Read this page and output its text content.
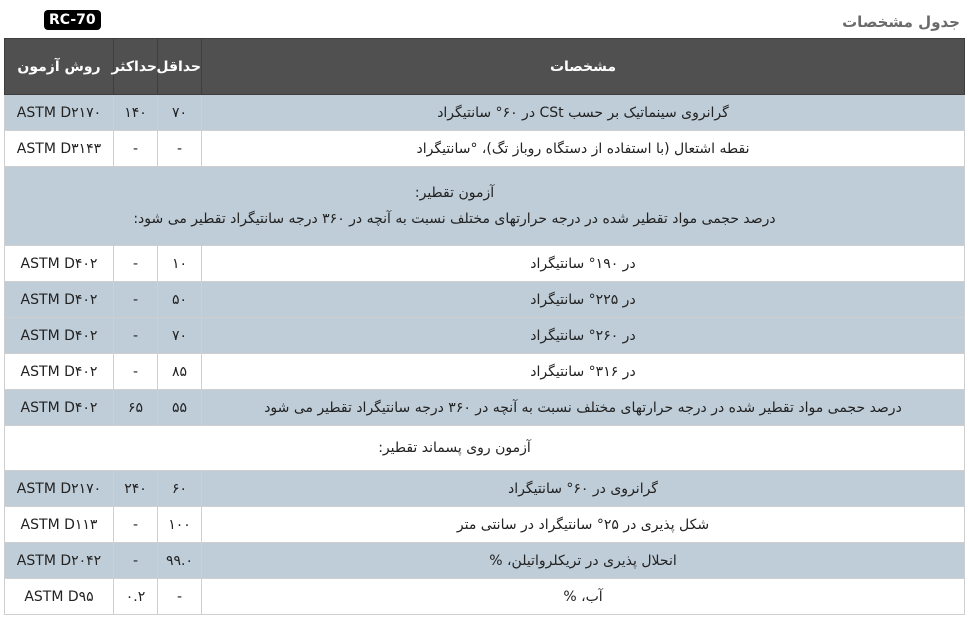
RC-70	جدول مشخصات
مشخصات	حداقل	حداکثر	روش آزمون
گرانروی سینماتیک بر حسب CSt در ۶۰° سانتیگراد	۷۰	۱۴۰	ASTM D۲۱۷۰
نقطه اشتعال (با استفاده از دستگاه روباز تگ)، °سانتیگراد	-	-	ASTM D۳۱۴۳

آزمون تقطیر:
درصد حجمی مواد تقطیر شده در درجه حرارتهای مختلف نسبت به آنچه در ۳۶۰ درجه سانتیگراد تقطیر می شود:			

در ۱۹۰° سانتیگراد	۱۰	-	ASTM D۴۰۲
در ۲۲۵° سانتیگراد	۵۰	-	ASTM D۴۰۲
در ۲۶۰° سانتیگراد	۷۰	-	ASTM D۴۰۲
در ۳۱۶° سانتیگراد	۸۵	-	ASTM D۴۰۲
درصد حجمی مواد تقطیر شده در درجه حرارتهای مختلف نسبت به آنچه در ۳۶۰ درجه سانتیگراد تقطیر می شود	۵۵	۶۵	ASTM D۴۰۲

آزمون روی پسماند تقطیر:			

گرانروی در ۶۰° سانتیگراد	۶۰	۲۴۰	ASTM D۲۱۷۰
شکل پذیری در ۲۵° سانتیگراد در سانتی متر	۱۰۰	-	ASTM D۱۱۳
انحلال پذیری در تریکلرواتیلن، %	۹۹.۰	-	ASTM D۲۰۴۲
آب، %	-	۰.۲	ASTM D۹۵
